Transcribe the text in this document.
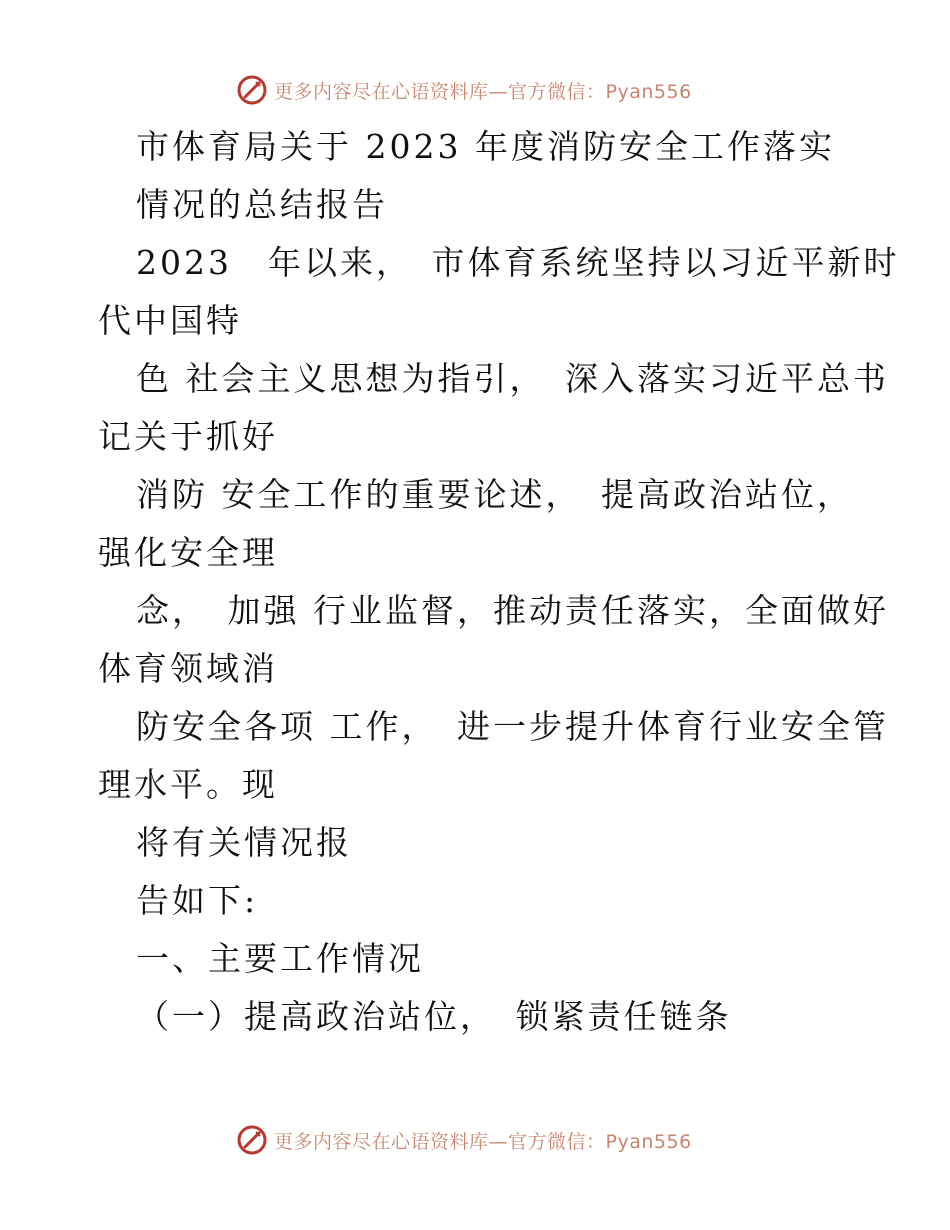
更多内容尽在心语资料库—官方微信：Pyan556
市体育局关于 2023 年度消防安全工作落实
情况的总结报告
2023　年以来，　市体育系统坚持以习近平新时
代中国特
色 社会主义思想为指引，　深入落实习近平总书
记关于抓好
消防 安全工作的重要论述，　提高政治站位，
强化安全理
念，　加强 行业监督，推动责任落实，全面做好
体育领域消
防安全各项 工作，　进一步提升体育行业安全管
理水平。现
将有关情况报
告如下:
一、主要工作情况
（一）提高政治站位，　锁紧责任链条
更多内容尽在心语资料库—官方微信：Pyan556
